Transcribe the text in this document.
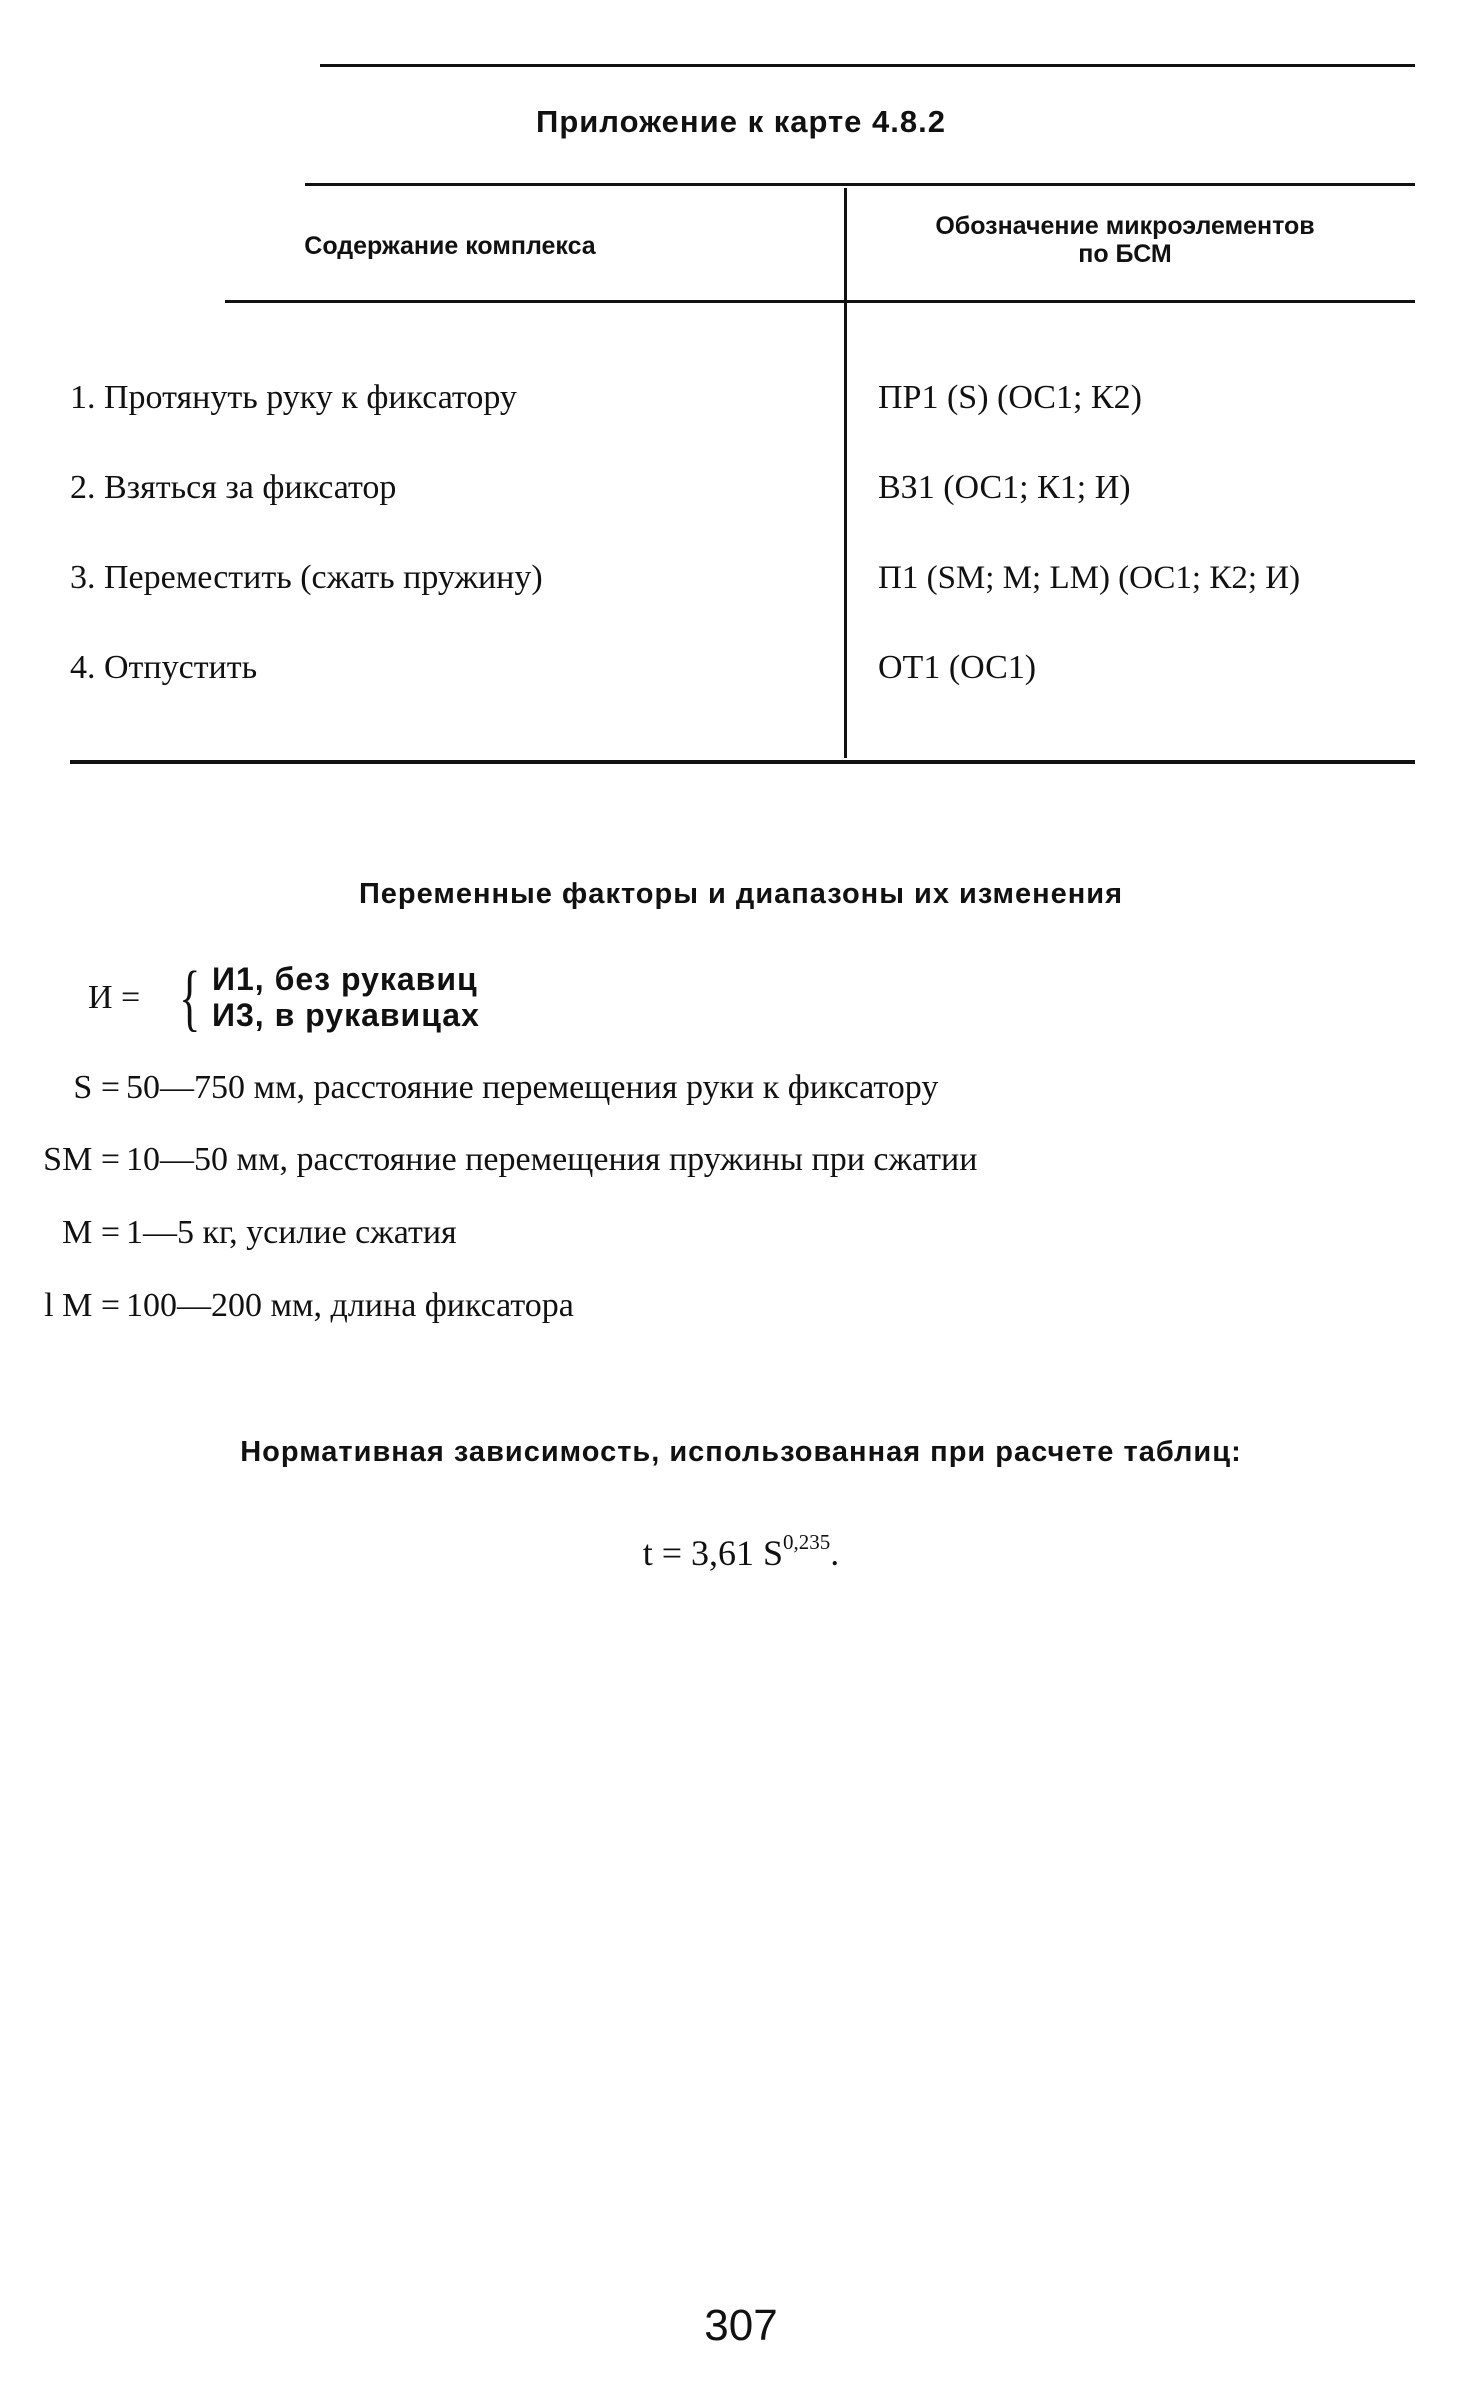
Приложение к карте 4.8.2
Содержание комплекса
Обозначение микроэлементов
по БСМ
1. Протянуть руку к фиксатору	ПР1 (S) (ОС1; К2)
2. Взяться за фиксатор	ВЗ1 (ОС1; К1; И)
3. Переместить (сжать пружину)	П1 (SM; M; LM) (ОС1; К2; И)
4. Отпустить	ОТ1 (ОС1)
Переменные факторы и диапазоны их изменения
И = { И1, без рукавиц
И3, в рукавицах
S = 50—750 мм, расстояние перемещения руки к фиксатору
SM = 10—50 мм, расстояние перемещения пружины при сжатии
M = 1—5 кг, усилие сжатия
l M = 100—200 мм, длина фиксатора
Нормативная зависимость, использованная при расчете таблиц:
t = 3,61 S$^{0,235}$.
307
